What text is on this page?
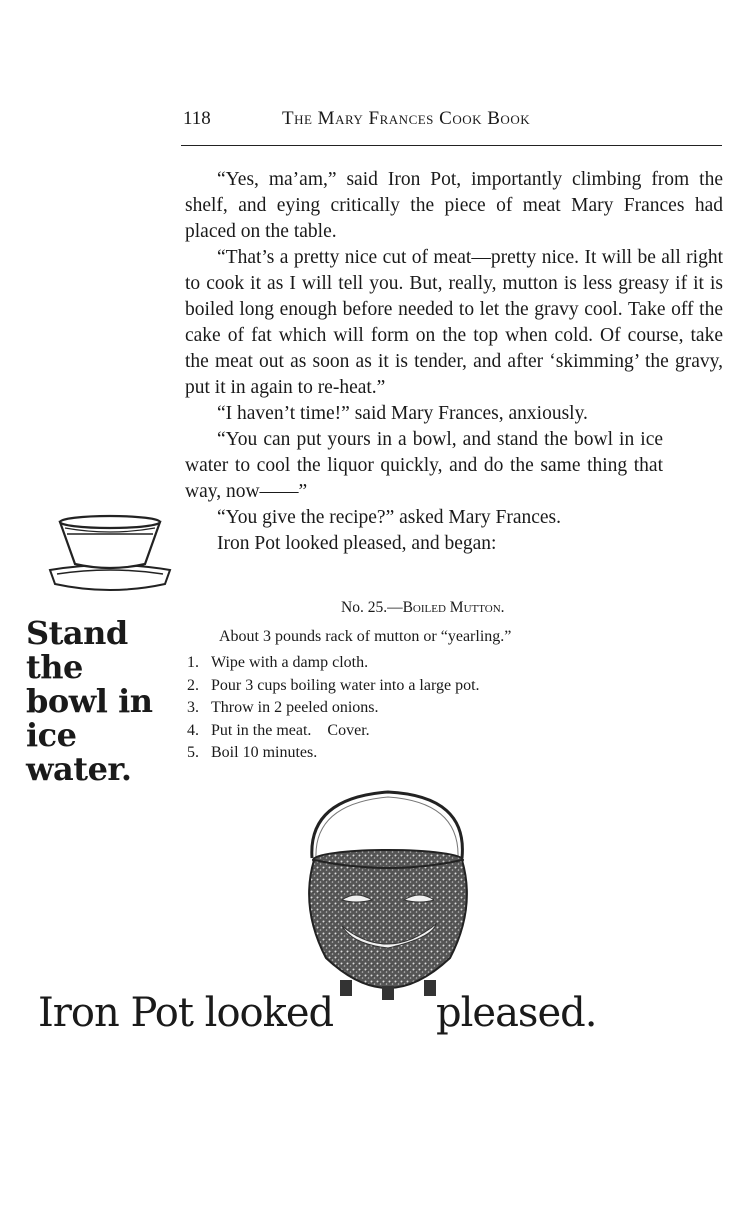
118	The Mary Frances Cook Book

“Yes, ma’am,” said Iron Pot, importantly climbing from the shelf, and eying critically the piece of meat Mary Frances had placed on the table.

“That’s a pretty nice cut of meat—pretty nice. It will be all right to cook it as I will tell you. But, really, mutton is less greasy if it is boiled long enough before needed to let the gravy cool. Take off the cake of fat which will form on the top when cold. Of course, take the meat out as soon as it is tender, and after ‘skimming’ the gravy, put it in again to re-heat.”

“I haven’t time!” said Mary Frances, anxiously.

“You can put yours in a bowl, and stand the bowl in ice water to cool the liquor quickly, and do the same thing that way, now——”

“You give the recipe?” asked Mary Frances.

Iron Pot looked pleased, and began:

No. 25.—Boiled Mutton.
About 3 pounds rack of mutton or “yearling.”
1. Wipe with a damp cloth.
2. Pour 3 cups boiling water into a large pot.
3. Throw in 2 peeled onions.
4. Put in the meat.    Cover.
5. Boil 10 minutes.
Stand the
bowl in
ice
water.
Iron Pot looked	pleased.
